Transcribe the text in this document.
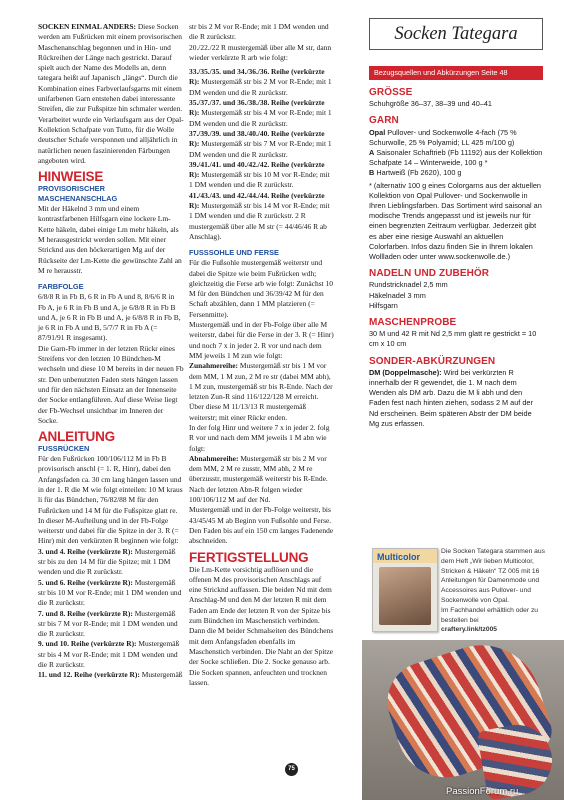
SOCKEN EINMAL ANDERS: Diese Socken werden am Fußrücken mit einem provisorischen Maschenanschlag begonnen und in Hin- und Rückreihen der Länge nach gestrickt. Darauf spielt auch der Name des Modells an, denn tategara heißt auf Japanisch „längs“. Durch die Kombination eines Farbverlaufsgarns mit einem unifarbenen Garn entstehen dabei interessante Streifen, die zur Fußspitze hin schmaler werden. Verarbeitet wurde ein Verlaufsgarn aus der Opal-Kollektion Schafpate von Tutto, für die Wolle deutscher Schafe versponnen und alljährlich in natürlichen neuen faszinierenden Färbungen angeboten wird.

HINWEISE
PROVISORISCHER MASCHENANSCHLAG

Mit der Häkelnd 3 mm und einem kontrastfarbenen Hilfsgarn eine lockere Lm-Kette häkeln, dabei einige Lm mehr häkeln, als M herausgestrickt werden sollen. Mit einer Stricknd aus den höckerartigen Mg auf der Rückseite der Lm-Kette die gewünschte Zahl an M re herausstr.

FARBFOLGE

6/8/8 R in Fb B, 6 R in Fb A und 8, 8/6/6 R in Fb A, je 6 R in Fb B und A, je 6/8/8 R in Fb B und A, je 6 R in Fb B und A, je 6/8/8 R in Fb B, je 6 R in Fb A und B, 5/7/7 R in Fb A (= 87/91/91 R insgesamt).

Die Garn-Fb immer in der letzten Rückr eines Streifens vor den letzten 10 Bündchen-M wechseln und diese 10 M bereits in der neuen Fb str. Den unbenutzten Faden stets hängen lassen und für den nächsten Einsatz an der Innenseite der Socke entlangführen. Auf diese Weise liegt der Fb-Wechsel unsichtbar im Inneren der Socke.

ANLEITUNG
FUSSRÜCKEN

Für den Fußrücken 100/106/112 M in Fb B provisorisch anschl (= 1. R, Hinr), dabei den Anfangsfaden ca. 30 cm lang hängen lassen und in der 1. R die M wie folgt einteilen: 10 M kraus li für das Bündchen, 76/82/88 M für den Fußrücken und 14 M für die Fußspitze glatt re.

In dieser M-Aufteilung und in der Fb-Folge weiterstr und dabei für die Spitze in der 3. R (= Hinr) mit den verkürzten R beginnen wie folgt:

3. und 4. Reihe (verkürzte R): Mustergemäß str bis zu den 14 M für die Spitze; mit 1 DM wenden und die R zurückstr.

5. und 6. Reihe (verkürzte R): Mustergemäß str bis 10 M vor R-Ende; mit 1 DM wenden und die R zurückstr.

7. und 8. Reihe (verkürzte R): Mustergemäß str bis 7 M vor R-Ende; mit 1 DM wenden und die R zurückstr.

9. und 10. Reihe (verkürzte R): Mustergemäß str bis 4 M vor R-Ende; mit 1 DM wenden und die R zurückstr.

11. und 12. Reihe (verkürzte R): Mustergemäß

str bis 2 M vor R-Ende; mit 1 DM wenden und die R zurückstr.

20./22./22 R mustergemäß über alle M str, dann wieder verkürzte R arb wie folgt:

33./35./35. und 34./36./36. Reihe (verkürzte R): Mustergemäß str bis 2 M vor R-Ende; mit 1 DM wenden und die R zurückstr.

35./37./37. und 36./38./38. Reihe (verkürzte R): Mustergemäß str bis 4 M vor R-Ende; mit 1 DM wenden und die R zurückstr.

37./39./39. und 38./40./40. Reihe (verkürzte R): Mustergemäß str bis 7 M vor R-Ende; mit 1 DM wenden und die R zurückstr.

39./41./41. und 40./42./42. Reihe (verkürzte R): Mustergemäß str bis 10 M vor R-Ende; mit 1 DM wenden und die R zurückstr.

41./43./43. und 42./44./44. Reihe (verkürzte R): Mustergemäß str bis 14 M vor R-Ende; mit 1 DM wenden und die R zurückstr. 2 R mustergemäß über alle M str (= 44/46/46 R ab Anschlag).

FUSSSOHLE UND FERSE

Für die Fußsohle mustergemäß weiterstr und dabei die Spitze wie beim Fußrücken wdh; gleichzeitig die Ferse arb wie folgt: Zunächst 10 M für den Bündchen und 36/39/42 M für den Schaft abzählen, dann 1 MM platzieren (= Fersenmitte).

Mustergemäß und in der Fb-Folge über alle M weiterstr, dabei für die Ferse in der 3. R (= Hinr) und noch 7 x in jeder 2. R vor und nach dem MM jeweils 1 M zun wie folgt:

Zunahmereihe: Mustergemäß str bis 1 M vor dem MM, 1 M zun, 2 M re str (dabei MM abh), 1 M zun, mustergemäß str bis R-Ende. Nach der letzten Zun-R sind 116/122/128 M erreicht.

Über diese M 11/13/13 R mustergemäß weiterstr; mit einer Rückr enden.

In der folg Hinr und weitere 7 x in jeder 2. folg R vor und nach dem MM jeweils 1 M abn wie folgt:

Abnahmereihe: Mustergemäß str bis 2 M vor dem MM, 2 M re zusstr, MM abh, 2 M re überzusstr, mustergemäß weiterstr bis R-Ende. Nach der letzten Abn-R folgen wieder 100/106/112 M auf der Nd.

Mustergemäß und in der Fb-Folge weiterstr, bis 43/45/45 M ab Beginn von Fußsohle und Ferse. Den Faden bis auf ein 150 cm langes Fadenende abschneiden.

FERTIGSTELLUNG

Die Lm-Kette vorsichtig auflösen und die offenen M des provisorischen Anschlags auf eine Stricknd auffassen. Die beiden Nd mit dem Anschlag-M und den M der letzten R mit dem Faden am Ende der letzten R von der Spitze bis zum Bündchen im Maschenstich verbinden. Dann die M beider Schmalseiten des Bündchens mit dem Anfangsfaden ebenfalls im Maschenstich verbinden. Die Naht an der Spitze der Socke schließen. Die 2. Socke genauso arb.

Die Socken spannen, anfeuchten und trocknen lassen.

Socken Tategara
Bezugsquellen und Abkürzungen Seite 48
GRÖSSE

Schuhgröße 36–37, 38–39 und 40–41

GARN

Opal Pullover- und Sockenwolle 4-fach (75 % Schurwolle, 25 % Polyamid; LL 425 m/100 g)

A Saisonaler Schaftrieb (Fb 11192) aus der Kollektion Schafpate 14 – Winterweide, 100 g *

B Hartweiß (Fb 2620), 100 g

* (alternativ 100 g eines Colorgarns aus der aktuellen Kollektion von Opal Pullover- und Sockenwolle in Ihren Lieblingsfarben. Das Sortiment wird saisonal an modische Trends angepasst und ist jeweils nur für einen begrenzten Zeitraum verfügbar. Jederzeit gibt es aber eine riesige Auswahl an aktuellen Colorfarben. Infos dazu finden Sie in Ihrem lokalen Wollladen oder unter www.sockenwolle.de.)

NADELN UND ZUBEHÖR

Rundstricknadel 2,5 mm

Häkelnadel 3 mm

Hilfsgarn

MASCHENPROBE

30 M und 42 R mit Nd 2,5 mm glatt re gestrickt = 10 cm x 10 cm

SONDER-ABKÜRZUNGEN

DM (Doppelmasche): Wird bei verkürzten R innerhalb der R gewendet, die 1. M nach dem Wenden als DM arb. Dazu die M li abh und den Faden fest nach hinten ziehen, sodass 2 M auf der Nd erscheinen. Beim späteren Abstr der DM beide Mg zus erfassen.

Multicolor

Die Socken Tategara stammen aus dem Heft „Wir lieben Multicolor, Stricken & Häkeln“ TZ 005 mit 16 Anleitungen für Damenmode und Accessoires aus Pullover- und Sockenwolle von Opal.

Im Fachhandel erhältlich oder zu bestellen bei

craftery.link/tz005

75
PassionForum.ru
